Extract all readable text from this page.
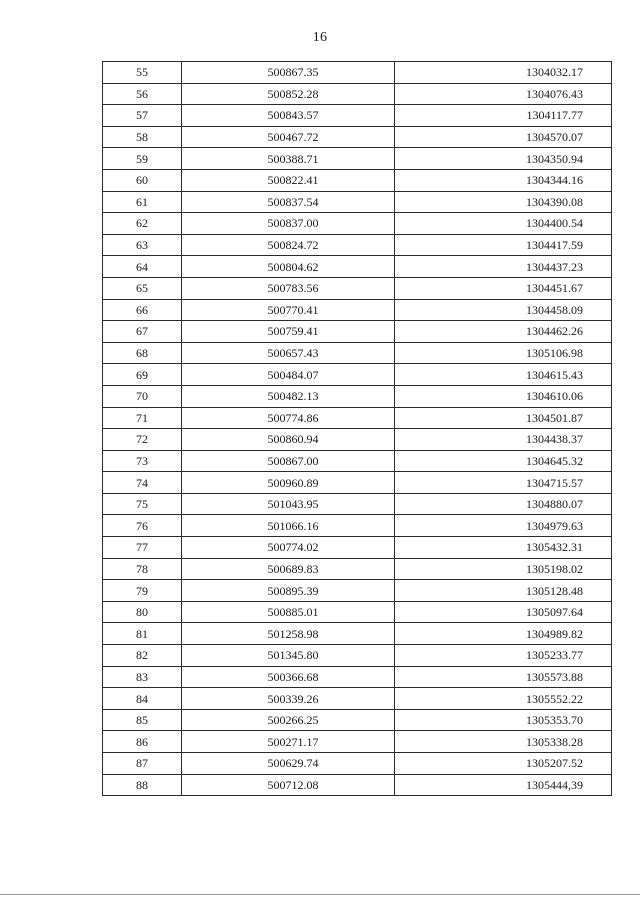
16
55	500867.35	1304032.17
56	500852.28	1304076.43
57	500843.57	1304117.77
58	500467.72	1304570.07
59	500388.71	1304350.94
60	500822.41	1304344.16
61	500837.54	1304390.08
62	500837.00	1304400.54
63	500824.72	1304417.59
64	500804.62	1304437.23
65	500783.56	1304451.67
66	500770.41	1304458.09
67	500759.41	1304462.26
68	500657.43	1305106.98
69	500484.07	1304615.43
70	500482.13	1304610.06
71	500774.86	1304501.87
72	500860.94	1304438.37
73	500867.00	1304645.32
74	500960.89	1304715.57
75	501043.95	1304880.07
76	501066.16	1304979.63
77	500774.02	1305432.31
78	500689.83	1305198.02
79	500895.39	1305128.48
80	500885.01	1305097.64
81	501258.98	1304989.82
82	501345.80	1305233.77
83	500366.68	1305573.88
84	500339.26	1305552.22
85	500266.25	1305353.70
86	500271.17	1305338.28
87	500629.74	1305207.52
88	500712.08	1305444,39
